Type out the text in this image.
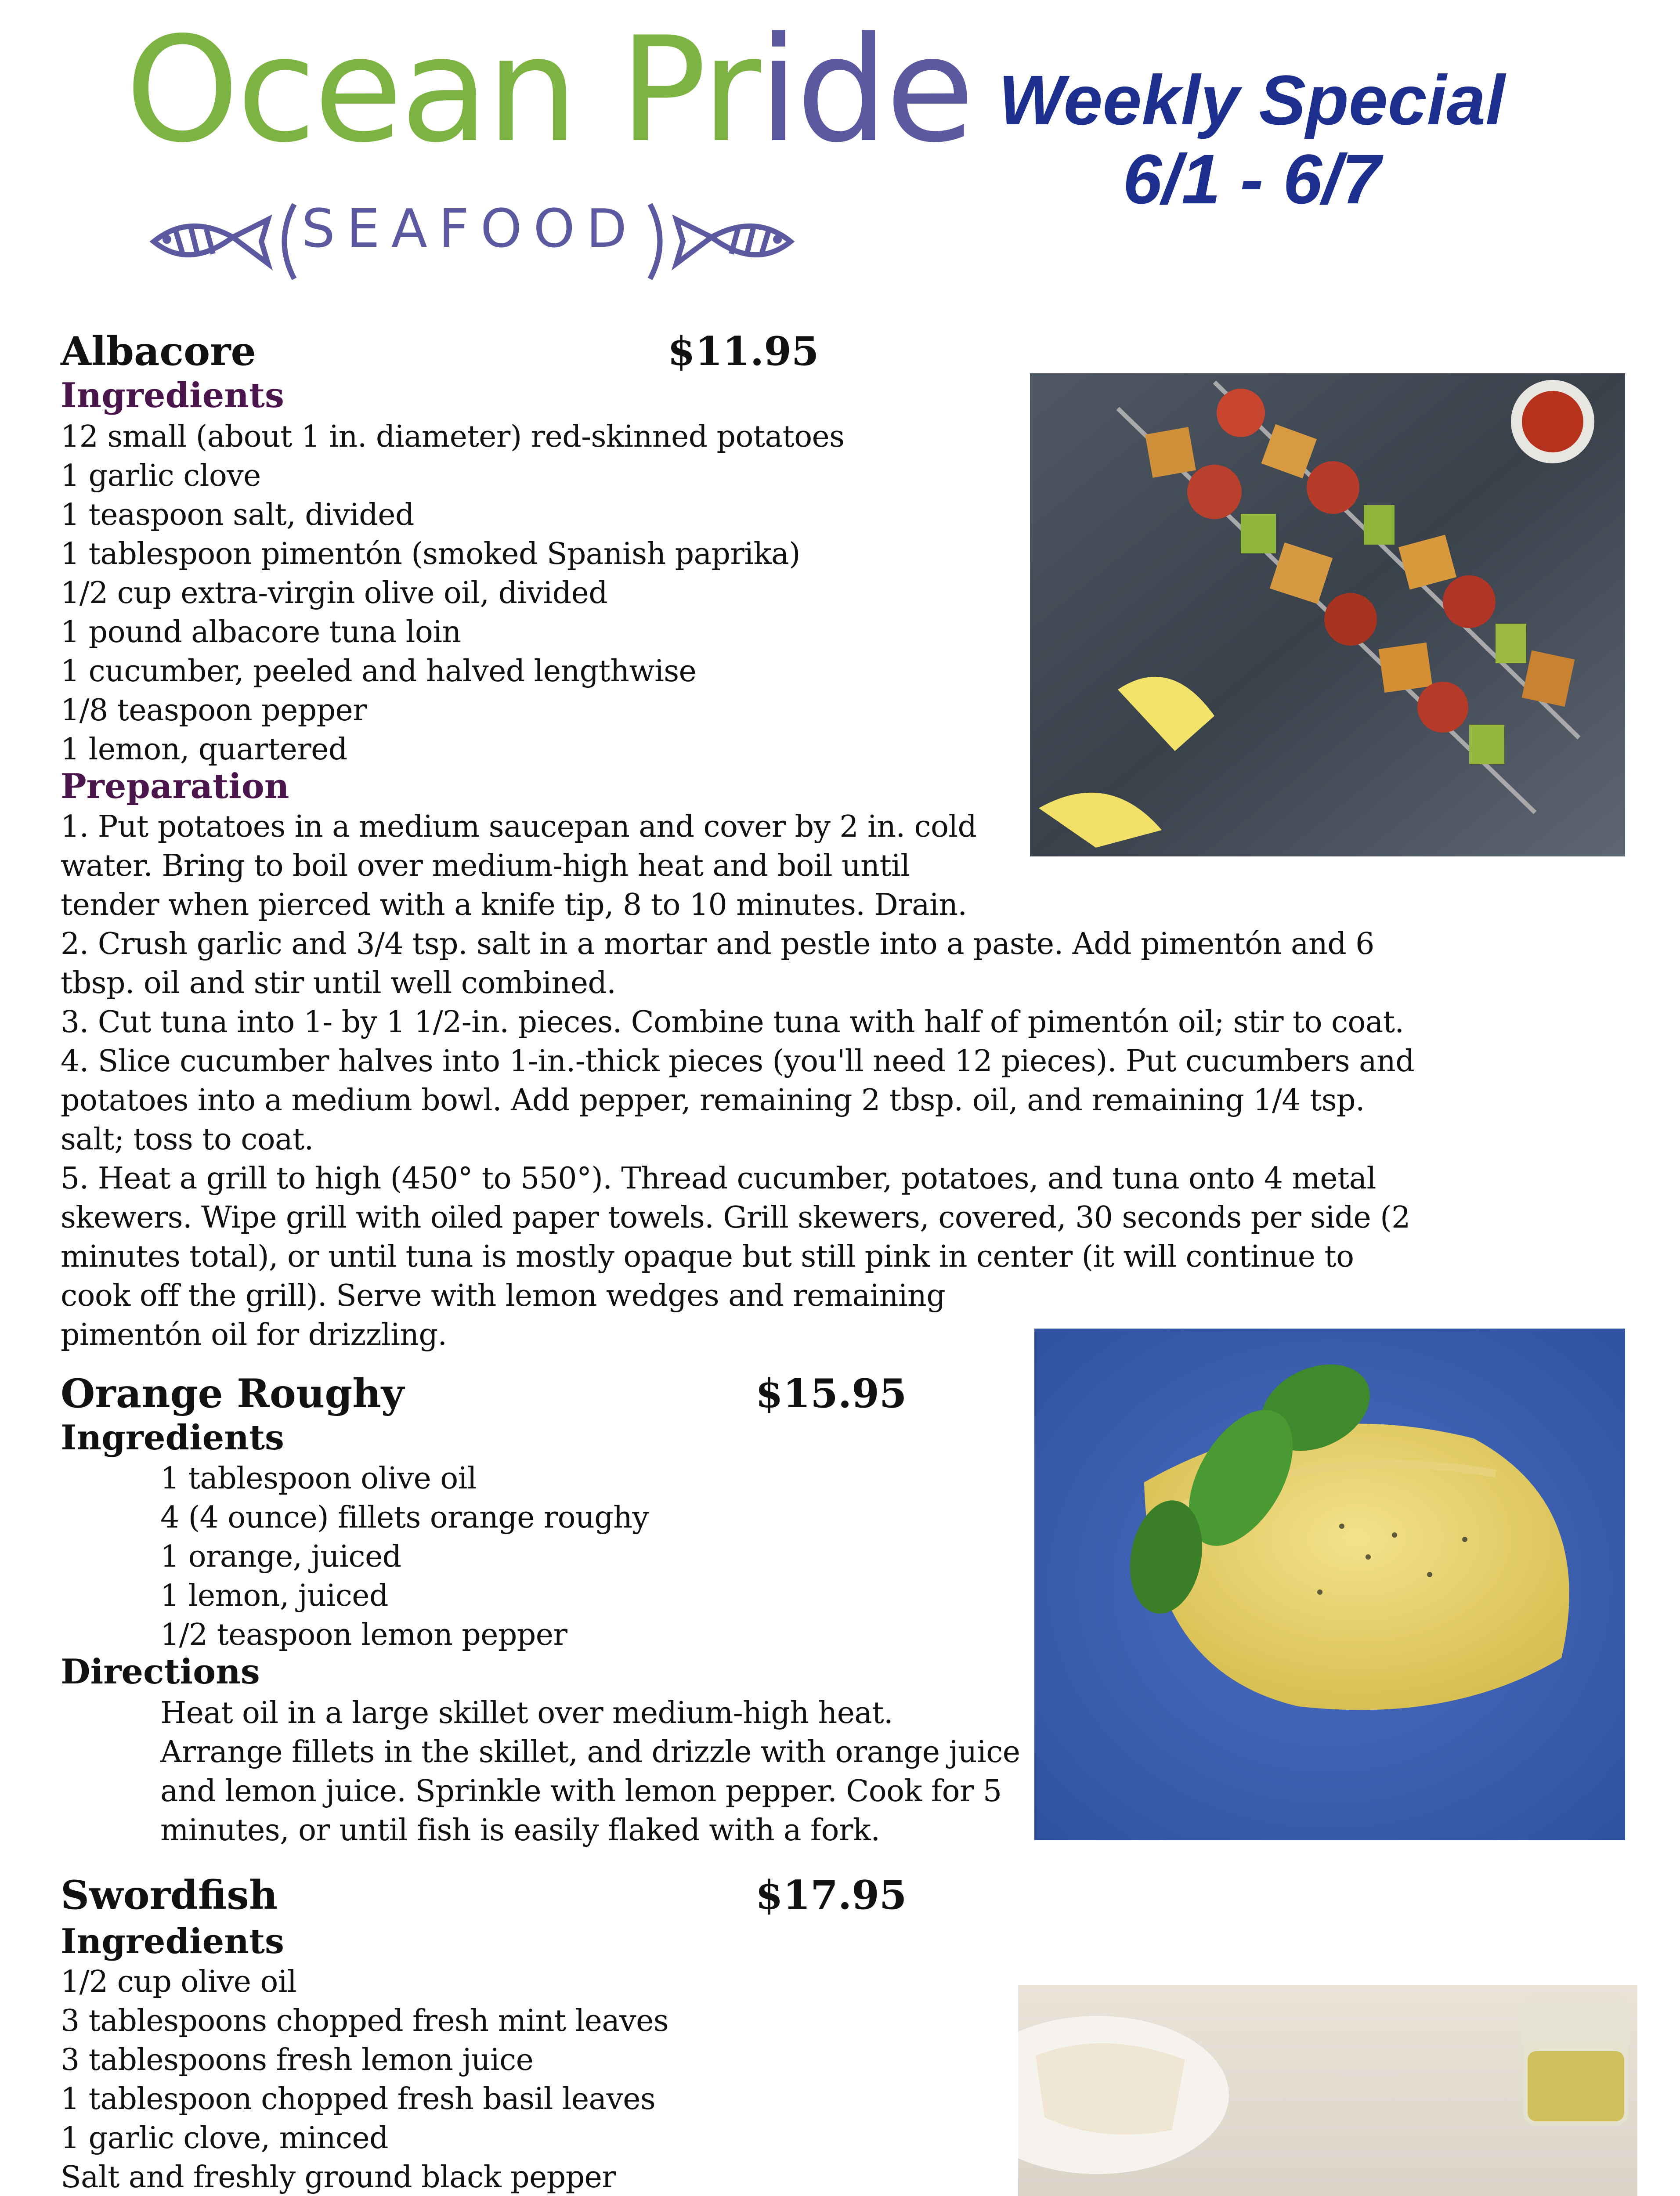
Ocean Pride
SEAFOOD
Weekly Special
6/1 - 6/7
Albacore	$11.95
Ingredients
12 small (about 1 in. diameter) red-skinned potatoes
1 garlic clove
1 teaspoon salt, divided
1 tablespoon pimentón (smoked Spanish paprika)
1/2 cup extra-virgin olive oil, divided
1 pound albacore tuna loin
1 cucumber, peeled and halved lengthwise
1/8 teaspoon pepper
1 lemon, quartered
Preparation
1. Put potatoes in a medium saucepan and cover by 2 in. cold
water. Bring to boil over medium-high heat and boil until
tender when pierced with a knife tip, 8 to 10 minutes. Drain.
2. Crush garlic and 3/4 tsp. salt in a mortar and pestle into a paste. Add pimentón and 6
tbsp. oil and stir until well combined.
3. Cut tuna into 1- by 1 1/2-in. pieces. Combine tuna with half of pimentón oil; stir to coat.
4. Slice cucumber halves into 1-in.-thick pieces (you'll need 12 pieces). Put cucumbers and
potatoes into a medium bowl. Add pepper, remaining 2 tbsp. oil, and remaining 1/4 tsp.
salt; toss to coat.
5. Heat a grill to high (450° to 550°). Thread cucumber, potatoes, and tuna onto 4 metal
skewers. Wipe grill with oiled paper towels. Grill skewers, covered, 30 seconds per side (2
minutes total), or until tuna is mostly opaque but still pink in center (it will continue to
cook off the grill). Serve with lemon wedges and remaining
pimentón oil for drizzling.
Orange Roughy	$15.95
Ingredients
1 tablespoon olive oil
4 (4 ounce) fillets orange roughy
1 orange, juiced
1 lemon, juiced
1/2 teaspoon lemon pepper
Directions
Heat oil in a large skillet over medium-high heat.
Arrange fillets in the skillet, and drizzle with orange juice
and lemon juice. Sprinkle with lemon pepper. Cook for 5
minutes, or until fish is easily flaked with a fork.
Swordfish	$17.95
Ingredients
1/2 cup olive oil
3 tablespoons chopped fresh mint leaves
3 tablespoons fresh lemon juice
1 tablespoon chopped fresh basil leaves
1 garlic clove, minced
Salt and freshly ground black pepper
